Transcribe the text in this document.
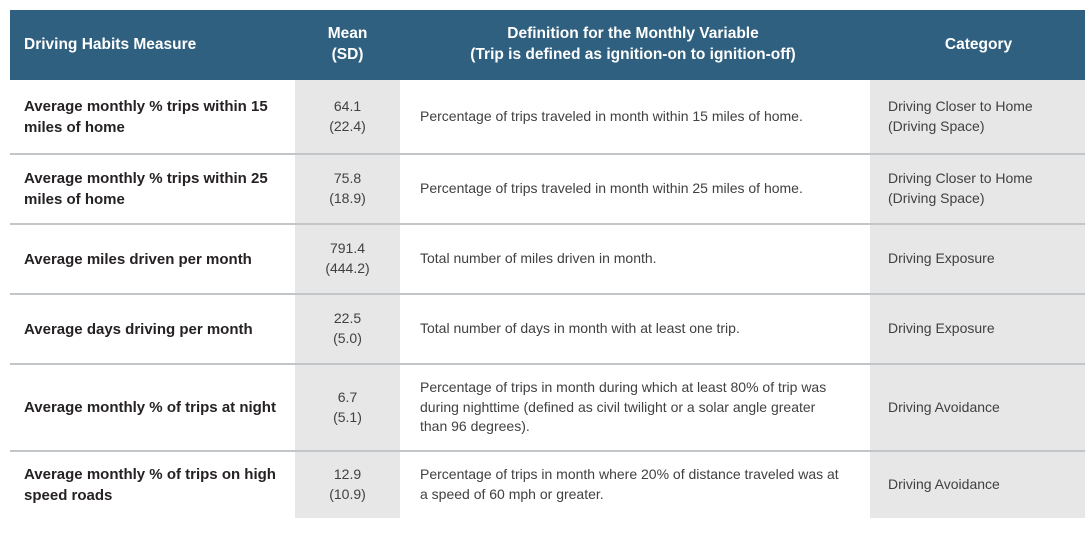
Driving Habits Measure
Mean
(SD)
Definition for the Monthly Variable
(Trip is defined as ignition-on to ignition-off)
Category
Average monthly % trips within 15 miles of home
64.1
(22.4)
Percentage of trips traveled in month within 15 miles of home.
Driving Closer to Home (Driving Space)
Average monthly % trips within 25 miles of home
75.8
(18.9)
Percentage of trips traveled in month within 25 miles of home.
Driving Closer to Home (Driving Space)
Average miles driven per month
791.4
(444.2)
Total number of miles driven in month.	Driving Exposure
Average days driving per month
22.5
(5.0)
Total number of days in month with at least one trip.	Driving Exposure
Average monthly % of trips at night
6.7
(5.1)
Percentage of trips in month during which at least 80% of trip was during nighttime (defined as civil twilight or a solar angle greater than 96 degrees).
Driving Avoidance
Average monthly % of trips on high speed roads
12.9
(10.9)
Percentage of trips in month where 20% of distance traveled was at a speed of 60 mph or greater.
Driving Avoidance
